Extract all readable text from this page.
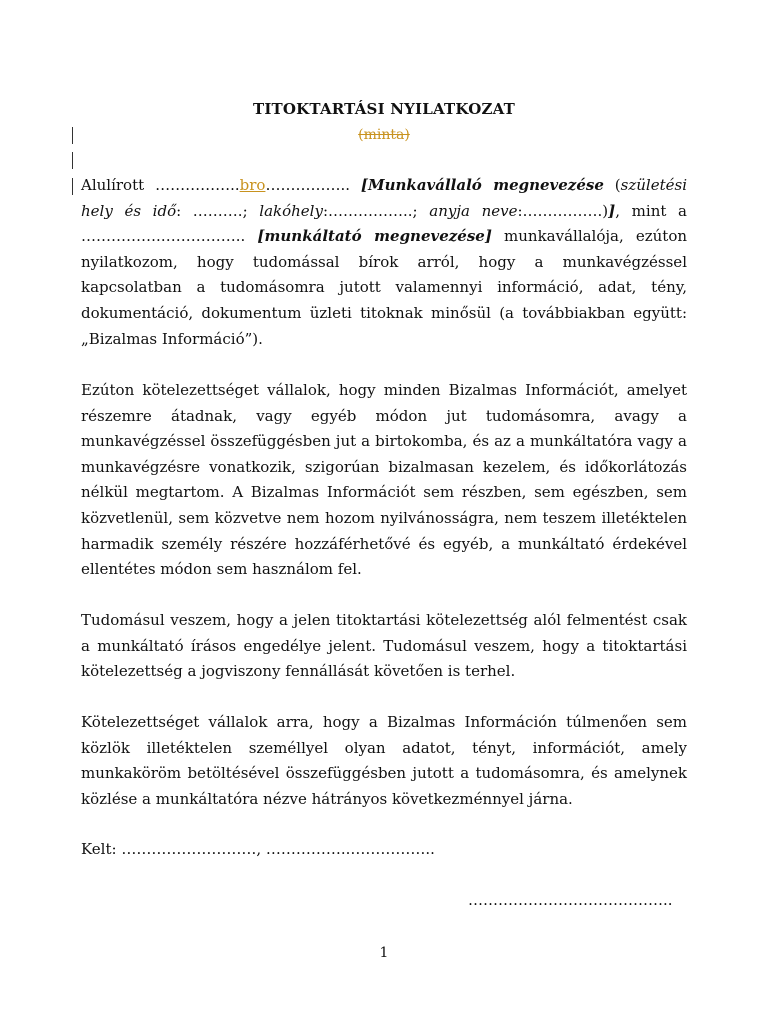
TITOKTARTÁSI NYILATKOZAT
(minta)
Alulírott ……………..bro…………….. [Munkavállaló megnevezése (születési hely és idő: ……….; lakóhely:……………..; anyja neve:…………….)], mint a …………….…………….. [munkáltató megnevezése] munkavállalója, ezúton nyilatkozom, hogy tudomással bírok arról, hogy a munkavégzéssel kapcsolatban a tudomásomra jutott valamennyi információ, adat, tény, dokumentáció, dokumentum üzleti titoknak minősül (a továbbiakban együtt: „Bizalmas Információ”).
Ezúton kötelezettséget vállalok, hogy minden Bizalmas Információt, amelyet részemre átadnak, vagy egyéb módon jut tudomásomra, avagy a munkavégzéssel összefüggésben jut a birtokomba, és az a munkáltatóra vagy a munkavégzésre vonatkozik, szigorúan bizalmasan kezelem, és időkorlátozás nélkül megtartom. A Bizalmas Információt sem részben, sem egészben, sem közvetlenül, sem közvetve nem hozom nyilvánosságra, nem teszem illetéktelen harmadik személy részére hozzáférhetővé és egyéb, a munkáltató érdekével ellentétes módon sem használom fel.
Tudomásul veszem, hogy a jelen titoktartási kötelezettség alól felmentést csak a munkáltató írásos engedélye jelent. Tudomásul veszem, hogy a titoktartási kötelezettség a jogviszony fennállását követően is terhel.
Kötelezettséget vállalok arra, hogy a Bizalmas Információn túlmenően sem közlök illetéktelen személlyel olyan adatot, tényt, információt, amely munkaköröm betöltésével összefüggésben jutott a tudomásomra, és amelynek közlése a munkáltatóra nézve hátrányos következménnyel járna.
Kelt: ………………………, ……………..……………..
…………………………………..
1
